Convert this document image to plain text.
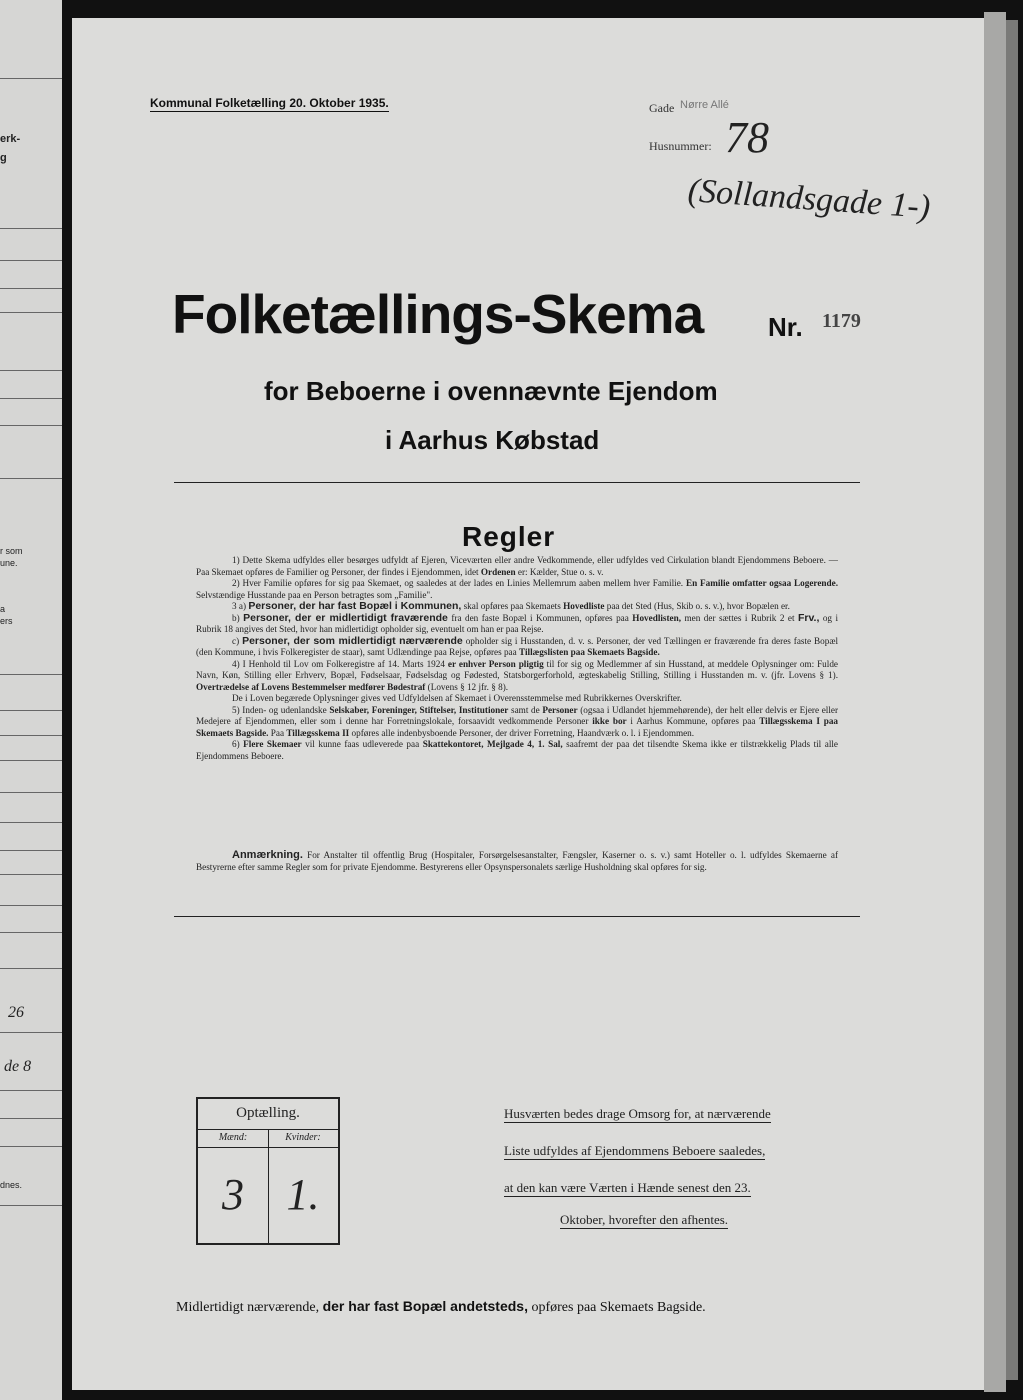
erk-
g
r som
une.
a
ers
26
de 8
dnes.
Kommunal Folketælling 20. Oktober 1935.	Gade Nørre Allé
Husnummer: 78
(Sollandsgade 1-)
Folketællings-Skema Nr. 1179
for Beboerne i ovennævnte Ejendom
i Aarhus Købstad
Regler

1) Dette Skema udfyldes eller besørges udfyldt af Ejeren, Viceværten eller andre Vedkommende, eller udfyldes ved Cirkulation blandt Ejendommens Beboere. — Paa Skemaet opføres de Familier og Personer, der findes i Ejendommen, idet Ordenen er: Kælder, Stue o. s. v.

2) Hver Familie opføres for sig paa Skemaet, og saaledes at der lades en Linies Mellemrum aaben mellem hver Familie. En Familie omfatter ogsaa Logerende. Selvstændige Husstande paa en Person betragtes som „Familie".

3 a) Personer, der har fast Bopæl i Kommunen, skal opføres paa Skemaets Hovedliste paa det Sted (Hus, Skib o. s. v.), hvor Bopælen er.

b) Personer, der er midlertidigt fraværende fra den faste Bopæl i Kommunen, opføres paa Hovedlisten, men der sættes i Rubrik 2 et Frv., og i Rubrik 18 angives det Sted, hvor han midlertidigt opholder sig, eventuelt om han er paa Rejse.

c) Personer, der som midlertidigt nærværende opholder sig i Husstanden, d. v. s. Personer, der ved Tællingen er fraværende fra deres faste Bopæl (den Kommune, i hvis Folkeregister de staar), samt Udlændinge paa Rejse, opføres paa Tillægslisten paa Skemaets Bagside.

4) I Henhold til Lov om Folkeregistre af 14. Marts 1924 er enhver Person pligtig til for sig og Medlemmer af sin Husstand, at meddele Oplysninger om: Fulde Navn, Køn, Stilling eller Erhverv, Bopæl, Fødselsaar, Fødselsdag og Fødested, Statsborgerforhold, ægteskabelig Stilling, Stilling i Husstanden m. v. (jfr. Lovens § 1). Overtrædelse af Lovens Bestemmelser medfører Bødestraf (Lovens § 12 jfr. § 8).

De i Loven begærede Oplysninger gives ved Udfyldelsen af Skemaet i Overensstemmelse med Rubrikkernes Overskrifter.

5) Inden- og udenlandske Selskaber, Foreninger, Stiftelser, Institutioner samt de Personer (ogsaa i Udlandet hjemmehørende), der helt eller delvis er Ejere eller Medejere af Ejendommen, eller som i denne har Forretningslokale, forsaavidt vedkommende Personer ikke bor i Aarhus Kommune, opføres paa Tillægsskema I paa Skemaets Bagside. Paa Tillægsskema II opføres alle indenbysboende Personer, der driver Forretning, Haandværk o. l. i Ejendommen.

6) Flere Skemaer vil kunne faas udleverede paa Skattekontoret, Mejlgade 4, 1. Sal, saafremt der paa det tilsendte Skema ikke er tilstrækkelig Plads til alle Ejendommens Beboere.

Anmærkning. For Anstalter til offentlig Brug (Hospitaler, Forsørgelsesanstalter, Fængsler, Kaserner o. s. v.) samt Hoteller o. l. udfyldes Skemaerne af Bestyrerne efter samme Regler som for private Ejendomme. Bestyrerens eller Opsynspersonalets særlige Husholdning skal opføres for sig.

Optælling.
Mænd:	Kvinder:
3 1.
Husværten bedes drage Omsorg for, at nærværende
Liste udfyldes af Ejendommens Beboere saaledes,
at den kan være Værten i Hænde senest den 23.
Oktober, hvorefter den afhentes.
Midlertidigt nærværende, der har fast Bopæl andetsteds, opføres paa Skemaets Bagside.
